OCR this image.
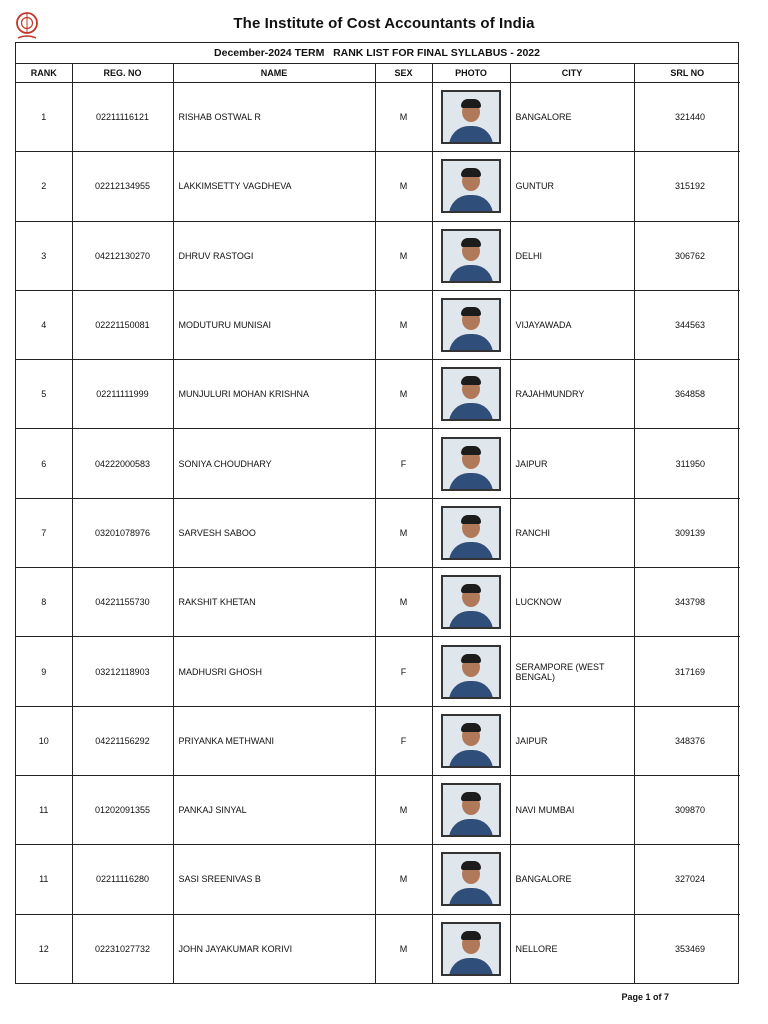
The Institute of Cost Accountants of India
December-2024 TERM   RANK LIST FOR FINAL SYLLABUS - 2022
RANK	REG. NO	NAME	SEX	PHOTO	CITY	SRL NO
1	02211116121	RISHAB OSTWAL R	M		BANGALORE	321440
2	02212134955	LAKKIMSETTY VAGDHEVA	M		GUNTUR	315192
3	04212130270	DHRUV RASTOGI	M		DELHI	306762
4	02221150081	MODUTURU MUNISAI	M		VIJAYAWADA	344563
5	02211111999	MUNJULURI MOHAN KRISHNA	M		RAJAHMUNDRY	364858
6	04222000583	SONIYA CHOUDHARY	F		JAIPUR	311950
7	03201078976	SARVESH SABOO	M		RANCHI	309139
8	04221155730	RAKSHIT KHETAN	M		LUCKNOW	343798
9	03212118903	MADHUSRI GHOSH	F		SERAMPORE (WEST BENGAL)	317169
10	04221156292	PRIYANKA METHWANI	F		JAIPUR	348376
11	01202091355	PANKAJ SINYAL	M		NAVI MUMBAI	309870
11	02211116280	SASI SREENIVAS B	M		BANGALORE	327024
12	02231027732	JOHN JAYAKUMAR KORIVI	M		NELLORE	353469
Page 1 of 7
